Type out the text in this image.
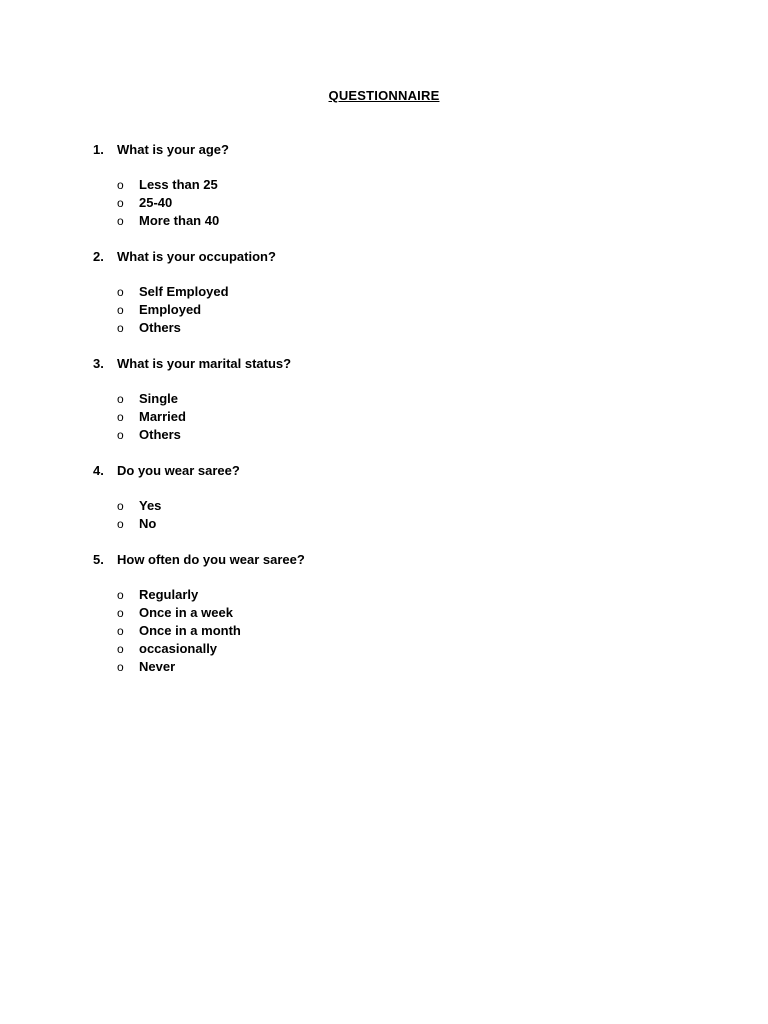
QUESTIONNAIRE
1.	What is your age?
o	Less than 25
o	25-40
o	More than 40
2.	What is your occupation?
o	Self Employed
o	Employed
o	Others
3.	What is your marital status?
o	Single
o	Married
o	Others
4.	Do you wear saree?
o	Yes
o	No
5.	How often do you wear saree?
o	Regularly
o	Once in a week
o	Once in a month
o	occasionally
o	Never
